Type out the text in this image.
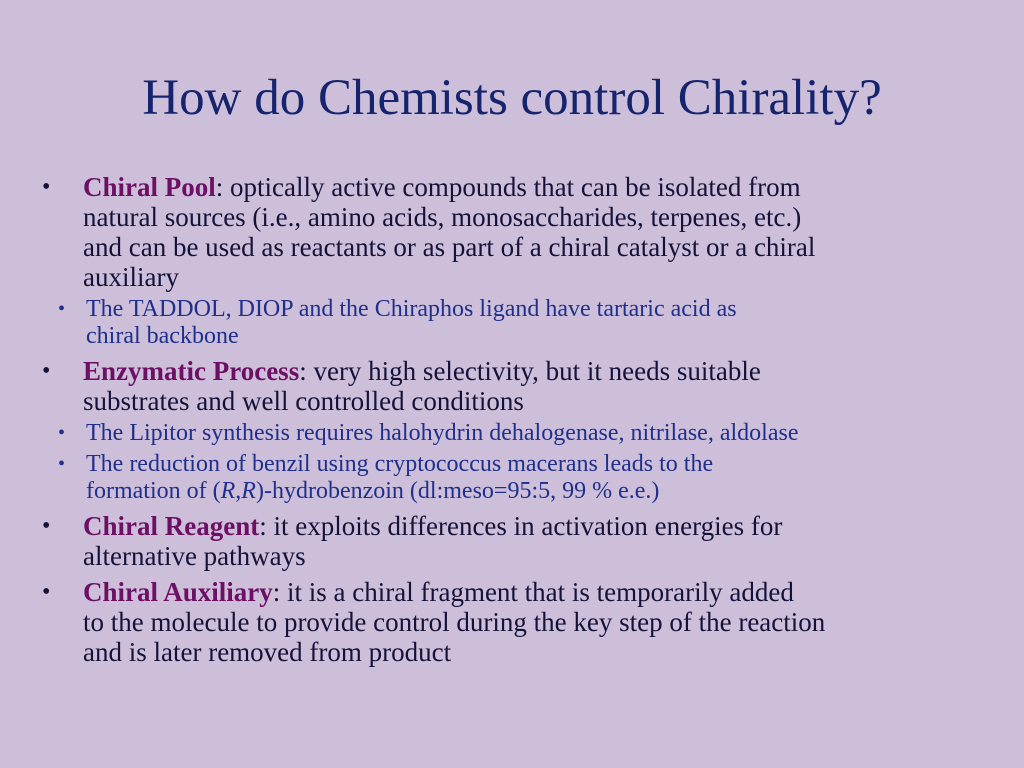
How do Chemists control Chirality?
• Chiral Pool: optically active compounds that can be isolated from
natural sources (i.e., amino acids, monosaccharides, terpenes, etc.)
and can be used as reactants or as part of a chiral catalyst or a chiral
auxiliary
• The TADDOL, DIOP and the Chiraphos ligand have tartaric acid as
chiral backbone
• Enzymatic Process: very high selectivity, but it needs suitable
substrates and well controlled conditions
• The Lipitor synthesis requires halohydrin dehalogenase, nitrilase, aldolase
• The reduction of benzil using cryptococcus macerans leads to the
formation of (R,R)-hydrobenzoin (dl:meso=95:5, 99 % e.e.)
• Chiral Reagent: it exploits differences in activation energies for
alternative pathways
• Chiral Auxiliary: it is a chiral fragment that is temporarily added
to the molecule to provide control during the key step of the reaction
and is later removed from product
